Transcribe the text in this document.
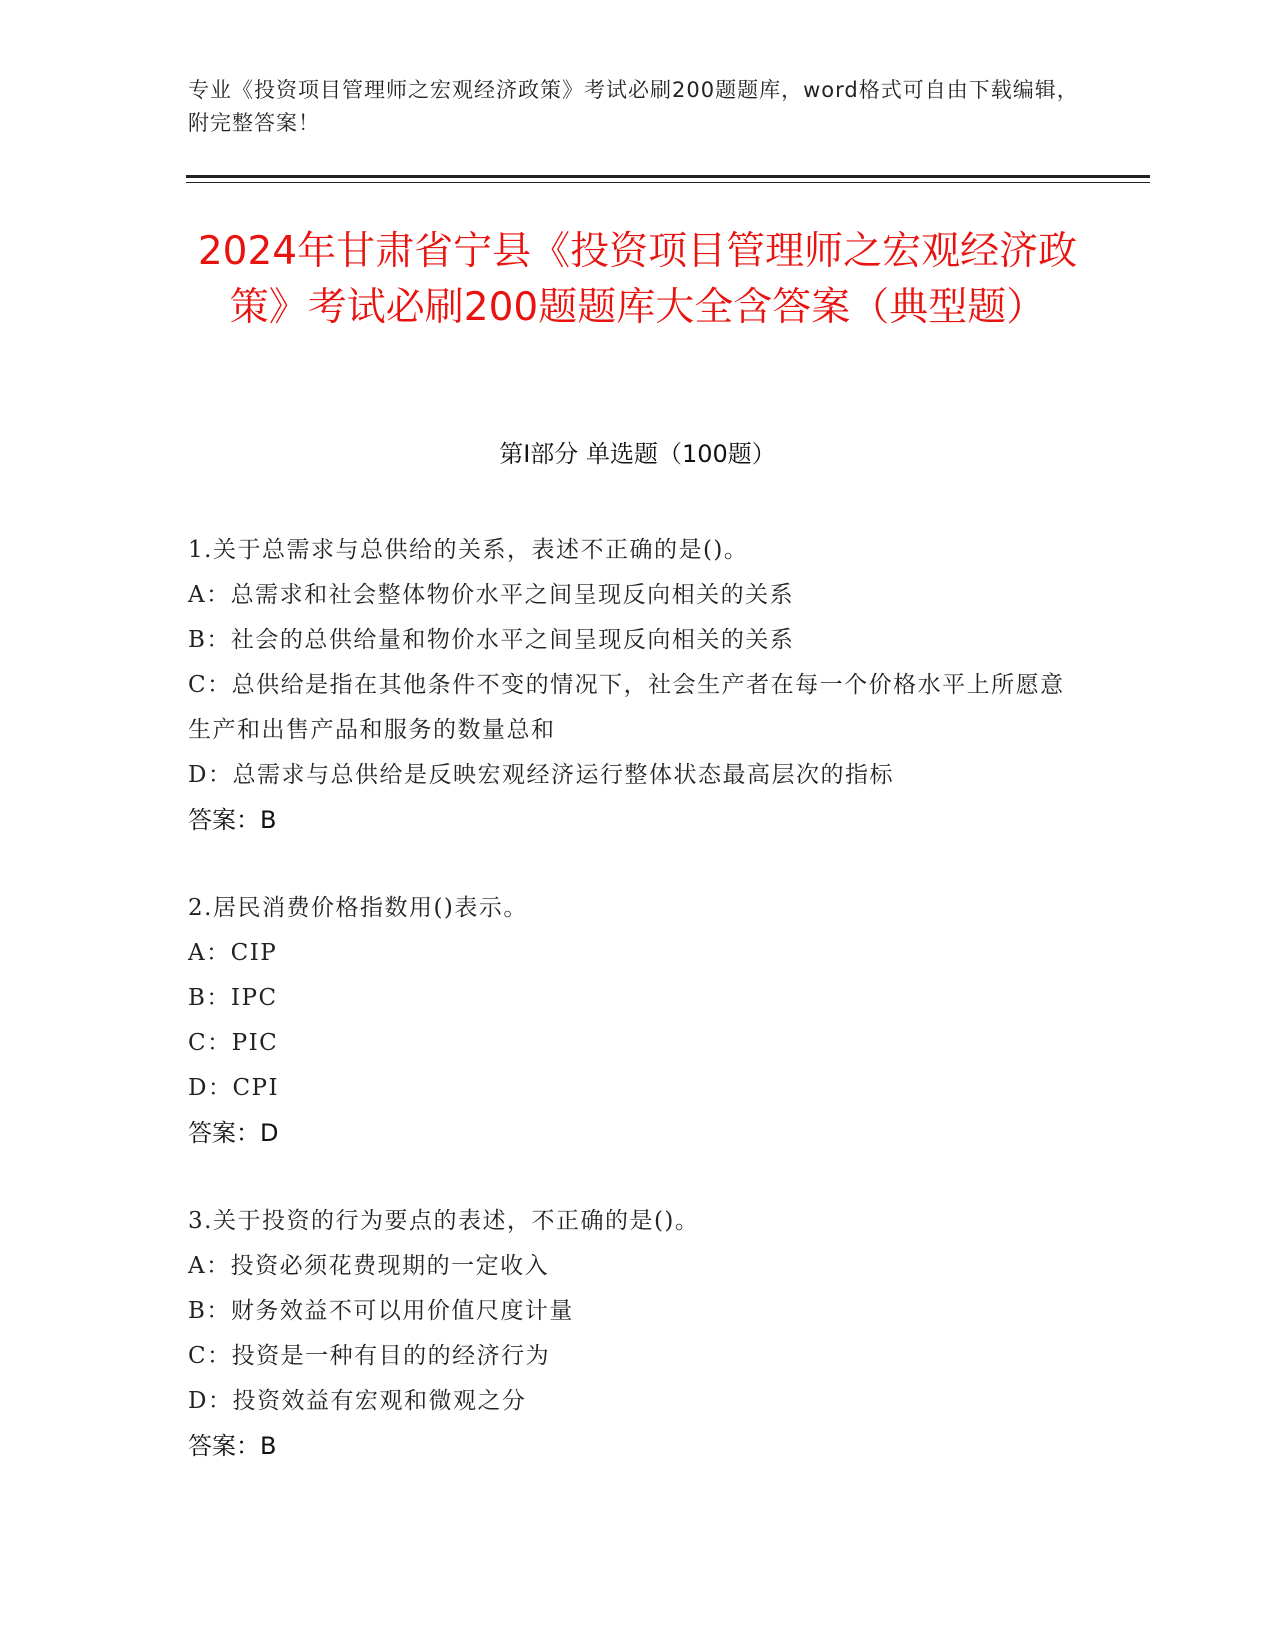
专业《投资项目管理师之宏观经济政策》考试必刷200题题库，word格式可自由下载编辑，附完整答案！
2024年甘肃省宁县《投资项目管理师之宏观经济政策》考试必刷200题题库大全含答案（典型题）
第Ⅰ部分 单选题（100题）
1.关于总需求与总供给的关系，表述不正确的是()。
A：总需求和社会整体物价水平之间呈现反向相关的关系
B：社会的总供给量和物价水平之间呈现反向相关的关系
C：总供给是指在其他条件不变的情况下，社会生产者在每一个价格水平上所愿意生产和出售产品和服务的数量总和
D：总需求与总供给是反映宏观经济运行整体状态最高层次的指标
答案：B
2.居民消费价格指数用()表示。
A：CIP
B：IPC
C：PIC
D：CPI
答案：D
3.关于投资的行为要点的表述，不正确的是()。
A：投资必须花费现期的一定收入
B：财务效益不可以用价值尺度计量
C：投资是一种有目的的经济行为
D：投资效益有宏观和微观之分
答案：B
